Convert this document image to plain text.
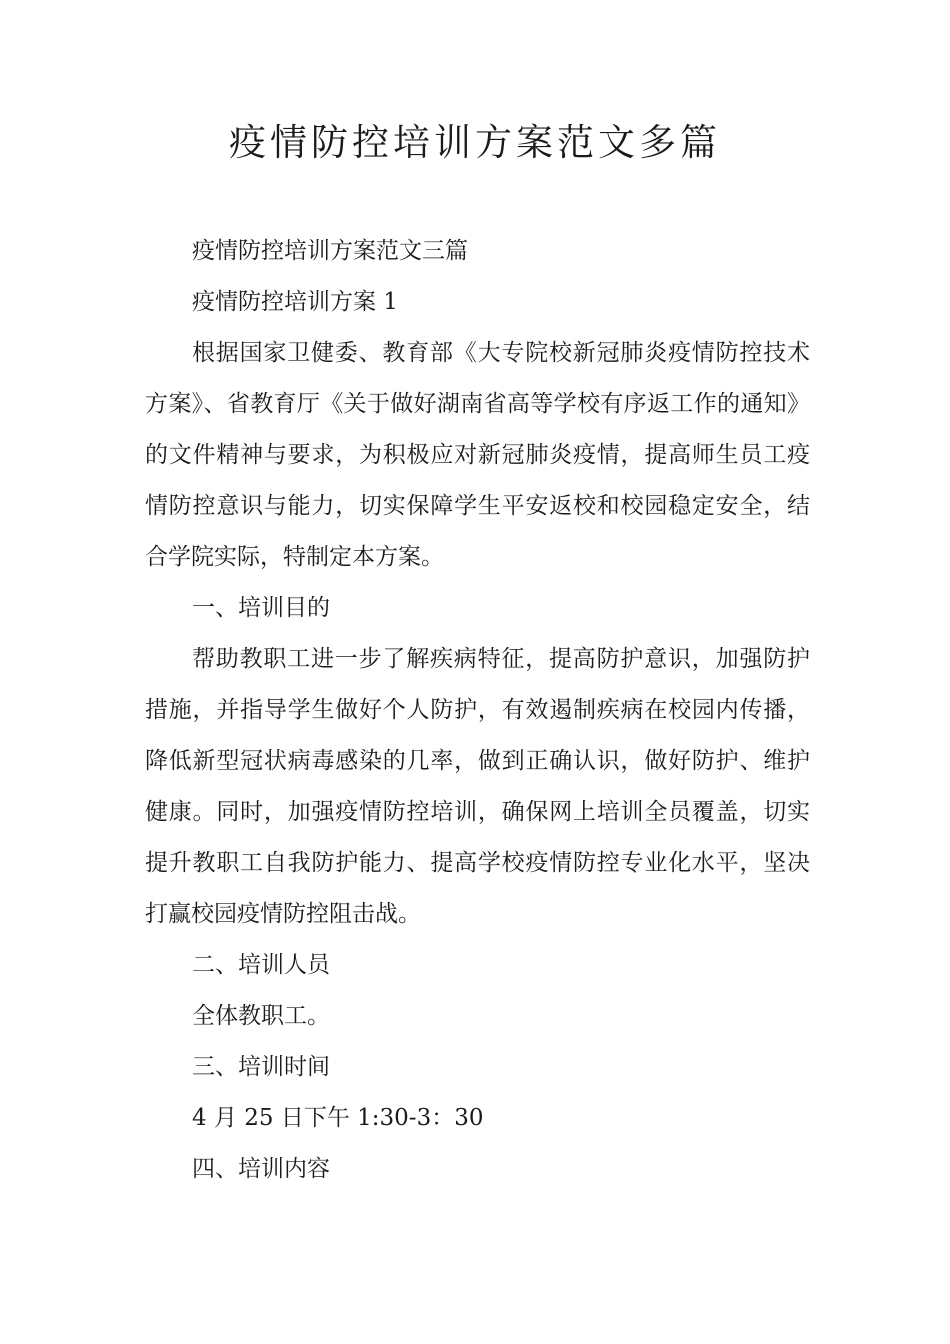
疫情防控培训方案范文多篇

疫情防控培训方案范文三篇

疫情防控培训方案 1

根据国家卫健委、教育部《大专院校新冠肺炎疫情防控技术方案》、省教育厅《关于做好湖南省高等学校有序返工作的通知》的文件精神与要求，为积极应对新冠肺炎疫情，提高师生员工疫情防控意识与能力，切实保障学生平安返校和校园稳定安全，结合学院实际，特制定本方案。

一、培训目的

帮助教职工进一步了解疾病特征，提高防护意识，加强防护措施，并指导学生做好个人防护，有效遏制疾病在校园内传播，降低新型冠状病毒感染的几率，做到正确认识，做好防护、维护健康。同时，加强疫情防控培训，确保网上培训全员覆盖，切实提升教职工自我防护能力、提高学校疫情防控专业化水平，坚决打赢校园疫情防控阻击战。

二、培训人员

全体教职工。

三、培训时间

4 月 25 日下午 1:30-3：30

四、培训内容
